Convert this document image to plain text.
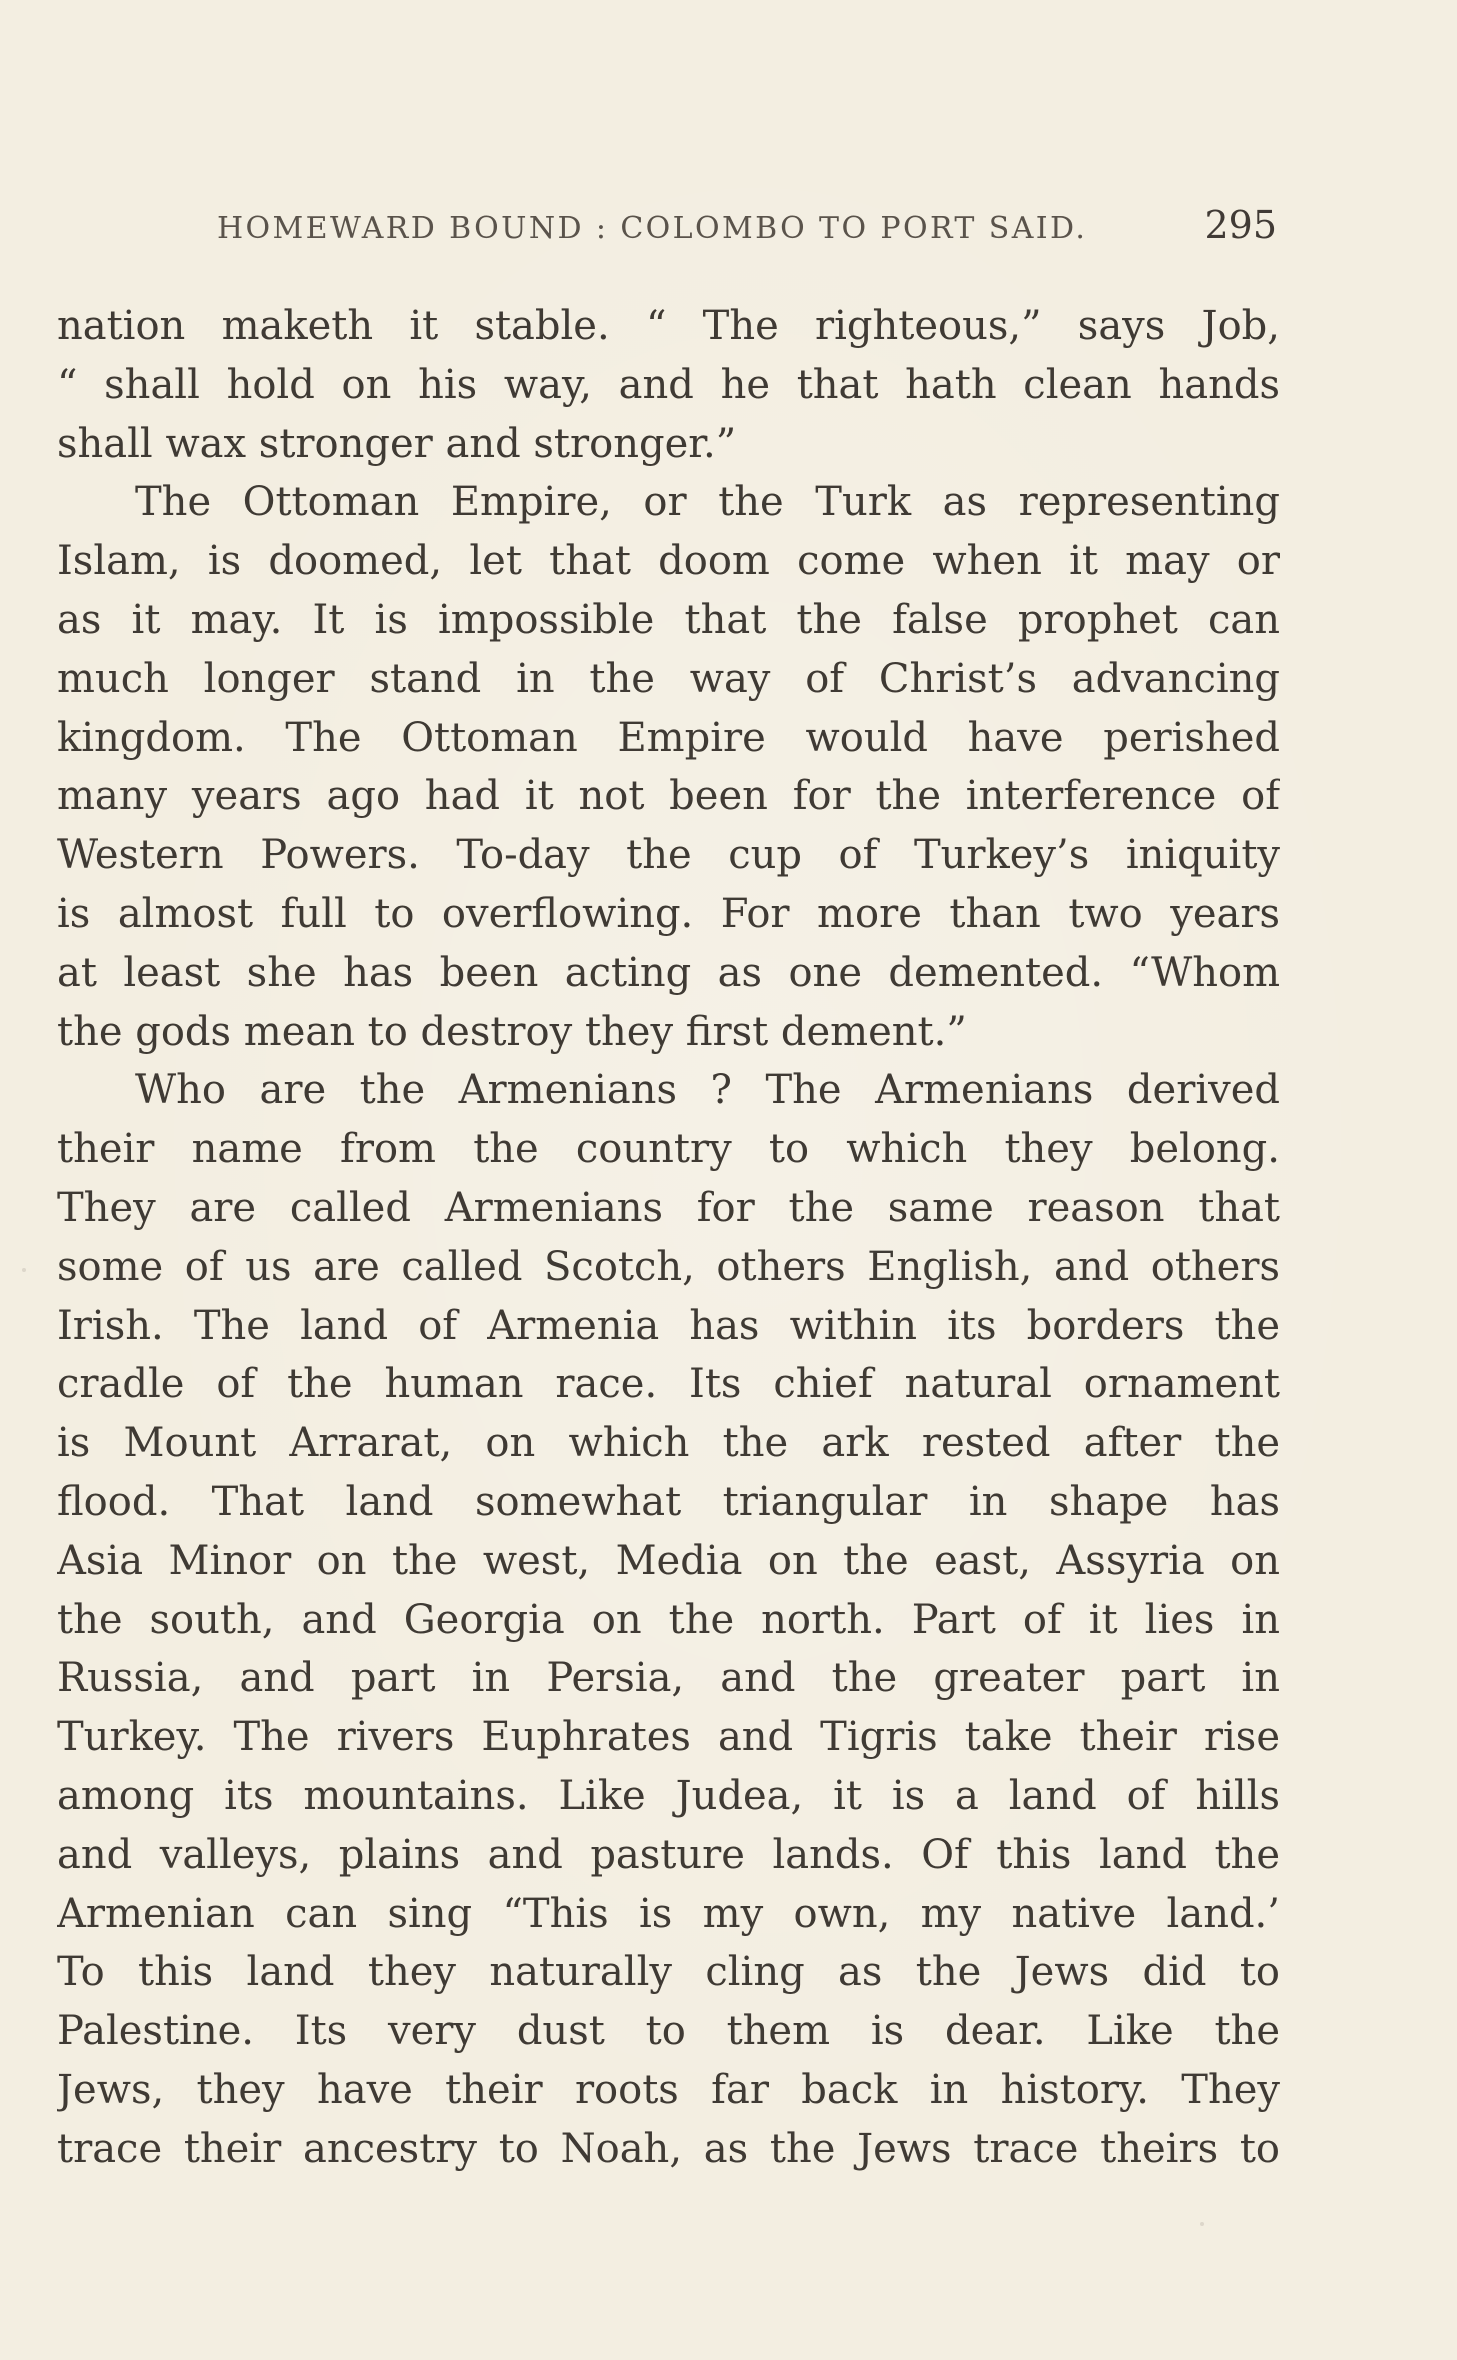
HOMEWARD BOUND : COLOMBO TO PORT SAID.	295
nation maketh it stable. “ The righteous,” says Job,
“ shall hold on his way, and he that hath clean hands
shall wax stronger and stronger.”
The Ottoman Empire, or the Turk as representing
Islam, is doomed, let that doom come when it may or
as it may. It is impossible that the false prophet can
much longer stand in the way of Christ’s advancing
kingdom. The Ottoman Empire would have perished
many years ago had it not been for the interference of
Western Powers. To-day the cup of Turkey’s iniquity
is almost full to overflowing. For more than two years
at least she has been acting as one demented. “Whom
the gods mean to destroy they first dement.”
Who are the Armenians ? The Armenians derived
their name from the country to which they belong.
They are called Armenians for the same reason that
some of us are called Scotch, others English, and others
Irish. The land of Armenia has within its borders the
cradle of the human race. Its chief natural ornament
is Mount Arrarat, on which the ark rested after the
flood. That land somewhat triangular in shape has
Asia Minor on the west, Media on the east, Assyria on
the south, and Georgia on the north. Part of it lies in
Russia, and part in Persia, and the greater part in
Turkey. The rivers Euphrates and Tigris take their rise
among its mountains. Like Judea, it is a land of hills
and valleys, plains and pasture lands. Of this land the
Armenian can sing “This is my own, my native land.’
To this land they naturally cling as the Jews did to
Palestine. Its very dust to them is dear. Like the
Jews, they have their roots far back in history. They
trace their ancestry to Noah, as the Jews trace theirs to
